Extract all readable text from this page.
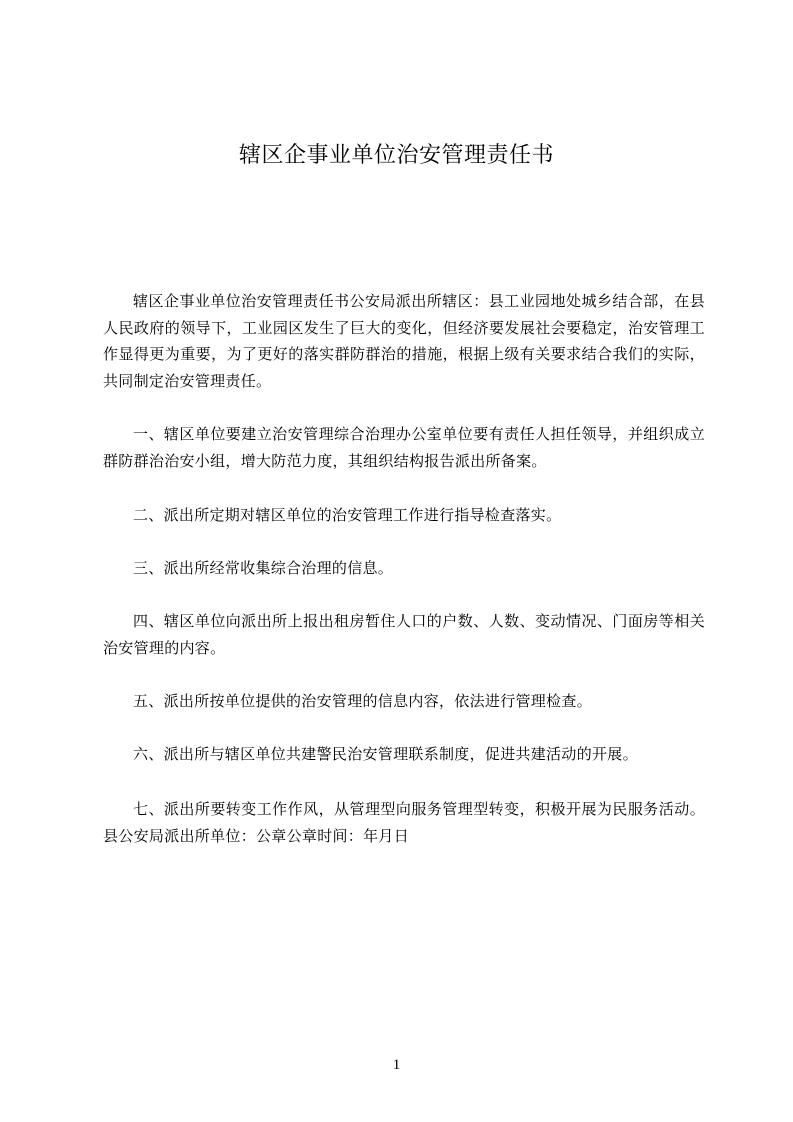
辖区企事业单位治安管理责任书

辖区企事业单位治安管理责任书公安局派出所辖区：县工业园地处城乡结合部，在县人民政府的领导下，工业园区发生了巨大的变化，但经济要发展社会要稳定，治安管理工作显得更为重要，为了更好的落实群防群治的措施，根据上级有关要求结合我们的实际，共同制定治安管理责任。

一、辖区单位要建立治安管理综合治理办公室单位要有责任人担任领导，并组织成立群防群治治安小组，增大防范力度，其组织结构报告派出所备案。

二、派出所定期对辖区单位的治安管理工作进行指导检查落实。

三、派出所经常收集综合治理的信息。

四、辖区单位向派出所上报出租房暂住人口的户数、人数、变动情况、门面房等相关治安管理的内容。

五、派出所按单位提供的治安管理的信息内容，依法进行管理检查。

六、派出所与辖区单位共建警民治安管理联系制度，促进共建活动的开展。

七、派出所要转变工作作风，从管理型向服务管理型转变，积极开展为民服务活动。县公安局派出所单位：公章公章时间：年月日

1
